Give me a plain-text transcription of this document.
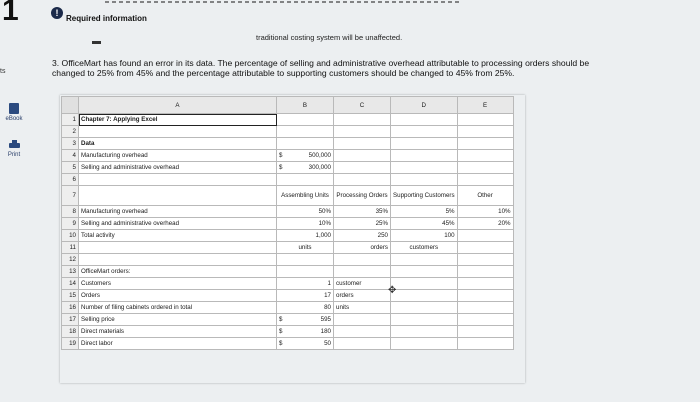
1	!
Required information
traditional costing system will be unaffected.
ts
eBook
Print
3. OfficeMart has found an error in its data. The percentage of selling and administrative overhead attributable to processing orders should be changed to 25% from 45% and the percentage attributable to supporting customers should be changed to 45% from 25%.
	A	B	C	D	E
1	Chapter 7: Applying Excel	

2		

3	Data	

4	Manufacturing overhead	$ 500,000			
5	Selling and administrative overhead	$ 300,000			
6		

7		Assembling Units	Processing Orders	Supporting Customers	Other
8	Manufacturing overhead	50%	35%	5%	10%
9	Selling and administrative overhead	10%	25%	45%	20%
10	Total activity	1,000	250	100	
11		units	orders	customers	
12		

13	OfficeMart orders:	

14	Customers	1	customer		
15	Orders	17	orders		
16	Number of filing cabinets ordered in total	80	units		
17	Selling price	$ 595			
18	Direct materials	$ 180			
19	Direct labor	$ 50			
✥
